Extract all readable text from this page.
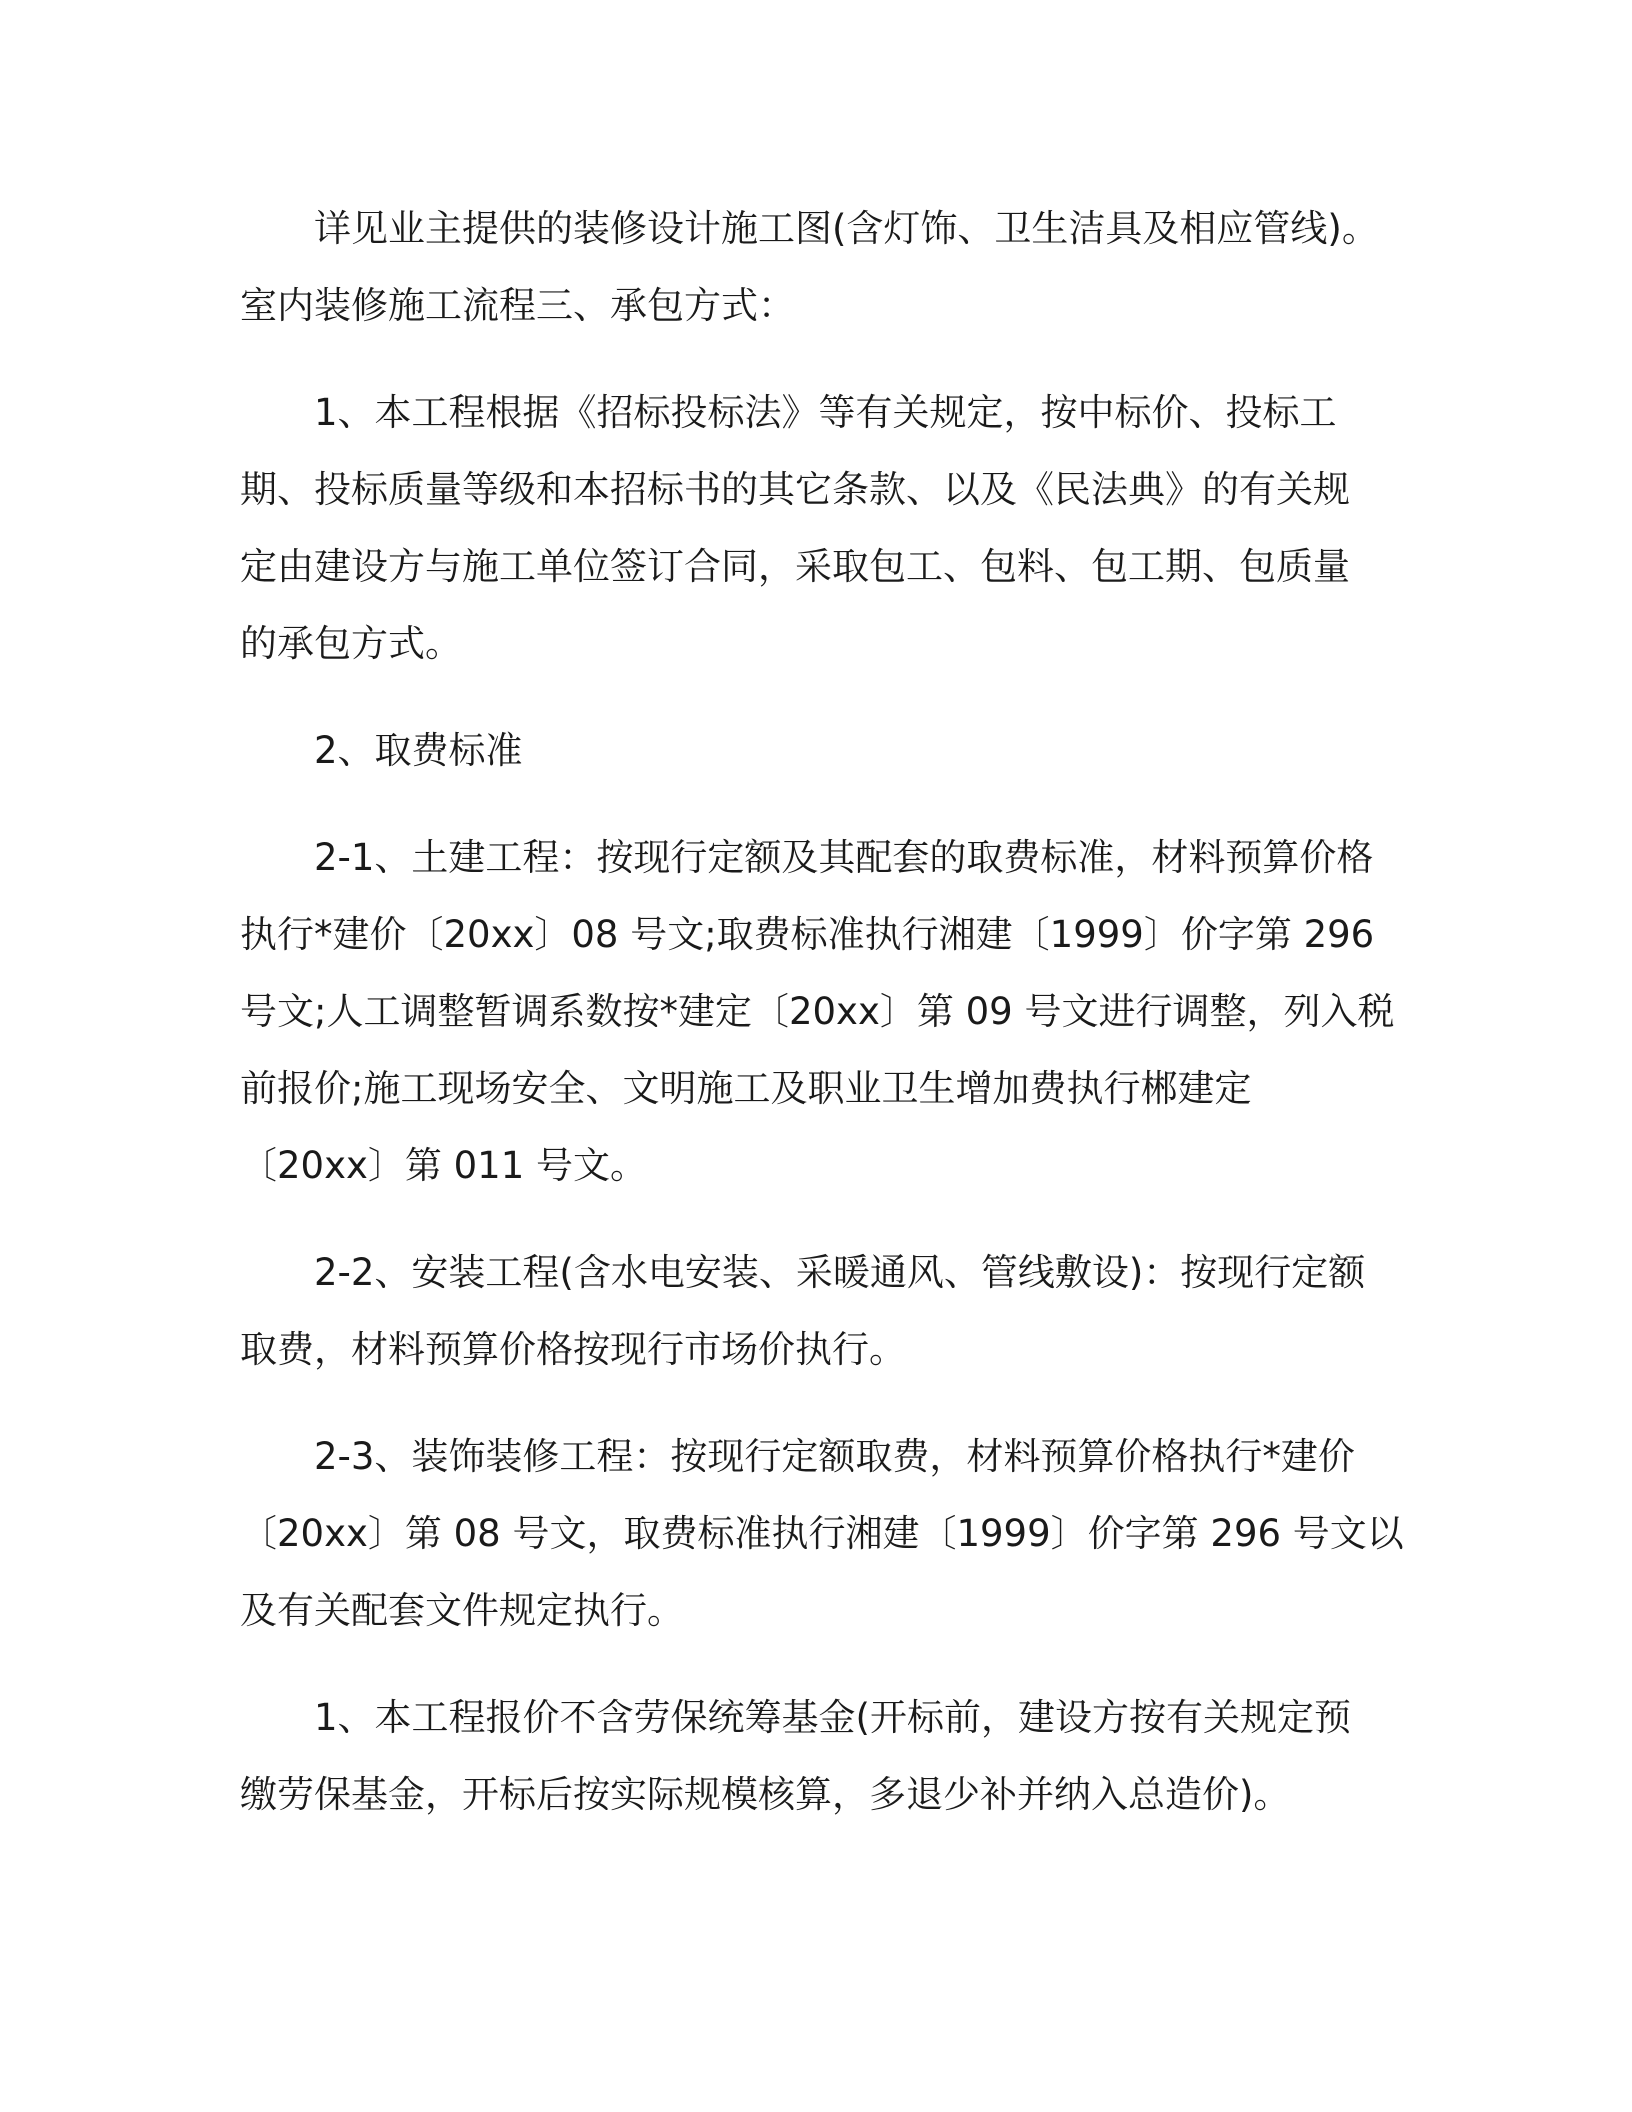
详见业主提供的装修设计施工图(含灯饰、卫生洁具及相应管线)。
室内装修施工流程三、承包方式：
1、本工程根据《招标投标法》等有关规定，按中标价、投标工
期、投标质量等级和本招标书的其它条款、以及《民法典》的有关规
定由建设方与施工单位签订合同，采取包工、包料、包工期、包质量
的承包方式。
2、取费标准
2-1、土建工程：按现行定额及其配套的取费标准，材料预算价格
执行*建价〔20xx〕08 号文;取费标准执行湘建〔1999〕价字第 296
号文;人工调整暂调系数按*建定〔20xx〕第 09 号文进行调整，列入税
前报价;施工现场安全、文明施工及职业卫生增加费执行郴建定
〔20xx〕第 011 号文。
2-2、安装工程(含水电安装、采暖通风、管线敷设)：按现行定额
取费，材料预算价格按现行市场价执行。
2-3、装饰装修工程：按现行定额取费，材料预算价格执行*建价
〔20xx〕第 08 号文，取费标准执行湘建〔1999〕价字第 296 号文以
及有关配套文件规定执行。
1、本工程报价不含劳保统筹基金(开标前，建设方按有关规定预
缴劳保基金，开标后按实际规模核算，多退少补并纳入总造价)。
